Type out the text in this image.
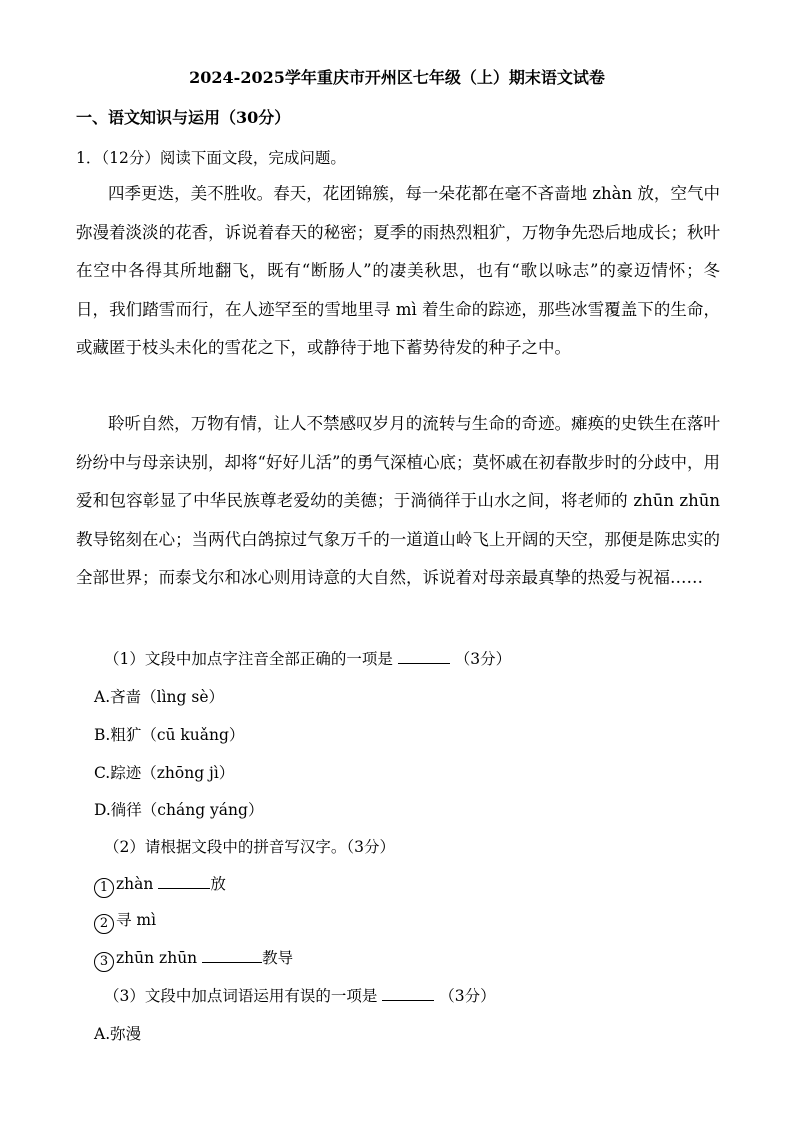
2024-2025学年重庆市开州区七年级（上）期末语文试卷
一、语文知识与运用（30分）
1．（12分）阅读下面文段，完成问题。
四季更迭，美不胜收。春天，花团锦簇，每一朵花都在毫不吝啬地 zhàn 放，空气中弥漫着淡淡的花香，诉说着春天的秘密；夏季的雨热烈粗犷，万物争先恐后地成长；秋叶在空中各得其所地翻飞，既有“断肠人”的凄美秋思，也有“歌以咏志”的豪迈情怀；冬日，我们踏雪而行，在人迹罕至的雪地里寻 mì 着生命的踪迹，那些冰雪覆盖下的生命，或藏匿于枝头未化的雪花之下，或静待于地下蓄势待发的种子之中。
聆听自然，万物有情，让人不禁感叹岁月的流转与生命的奇迹。瘫痪的史铁生在落叶纷纷中与母亲诀别，却将“好好儿活”的勇气深植心底；莫怀戚在初春散步时的分歧中，用爱和包容彰显了中华民族尊老爱幼的美德；于淌徜徉于山水之间，将老师的 zhūn zhūn 教导铭刻在心；当两代白鸽掠过气象万千的一道道山岭飞上开阔的天空，那便是陈忠实的全部世界；而泰戈尔和冰心则用诗意的大自然，诉说着对母亲最真挚的热爱与祝福……
（1）文段中加点字注音全部正确的一项是	（3分）
A.吝啬（lìng sè）
B.粗犷（cū kuǎng）
C.踪迹（zhōng jì）
D.徜徉（cháng yáng）
（2）请根据文段中的拼音写汉字。（3分）
1 zhàn	放
2 寻 mì
3 zhūn zhūn	教导
（3）文段中加点词语运用有误的一项是	（3分）
A.弥漫
